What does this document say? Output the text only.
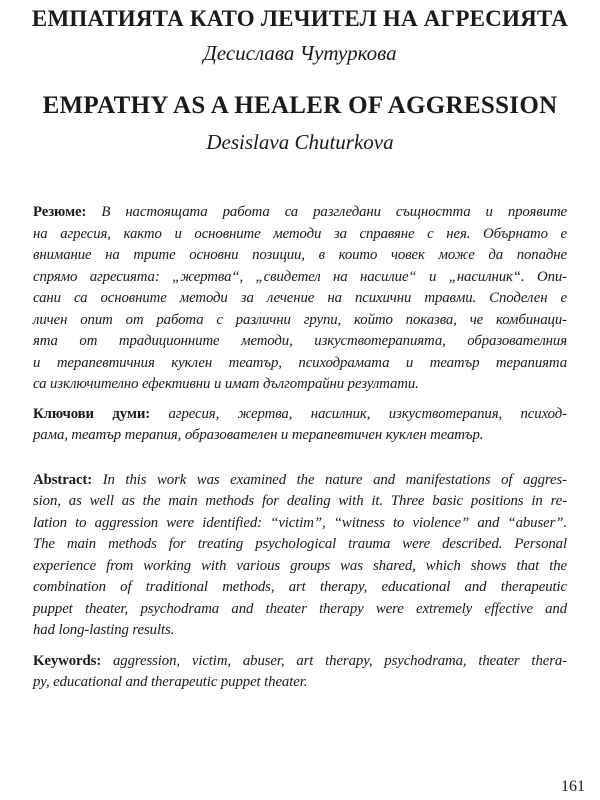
ЕМПАТИЯТА КАТО ЛЕЧИТЕЛ НА АГРЕСИЯТА
Десислава Чутуркова
EMPATHY AS A HEALER OF AGGRESSION
Desislava Chuturkova
Резюме: В настоящата работа са разгледани същността и проявите
на агресия, както и основните методи за справяне с нея. Обърнато е
внимание на трите основни позиции, в които човек може да попадне
спрямо агресията: „жертва“, „свидетел на насилие“ и „насилник“. Опи-
сани са основните методи за лечение на психични травми. Споделен е
личен опит от работа с различни групи, който показва, че комбинаци-
ята от традиционните методи, изкуствотерапията, образователния
и терапевтичния куклен театър, психодрамата и театър терапията
са изключително ефективни и имат дълготрайни резултати.
Ключови думи: агресия, жертва, насилник, изкуствотерапия, психод-
рама, театър терапия, образователен и терапевтичен куклен театър.
Abstract: In this work was examined the nature and manifestations of aggres-
sion, as well as the main methods for dealing with it. Three basic positions in re-
lation to aggression were identified: “victim”, “witness to violence” and “abuser”.
The main methods for treating psychological trauma were described. Personal
experience from working with various groups was shared, which shows that the
combination of traditional methods, art therapy, educational and therapeutic
puppet theater, psychodrama and theater therapy were extremely effective and
had long-lasting results.
Keywords: aggression, victim, abuser, art therapy, psychodrama, theater thera-
py, educational and therapeutic puppet theater.
161
